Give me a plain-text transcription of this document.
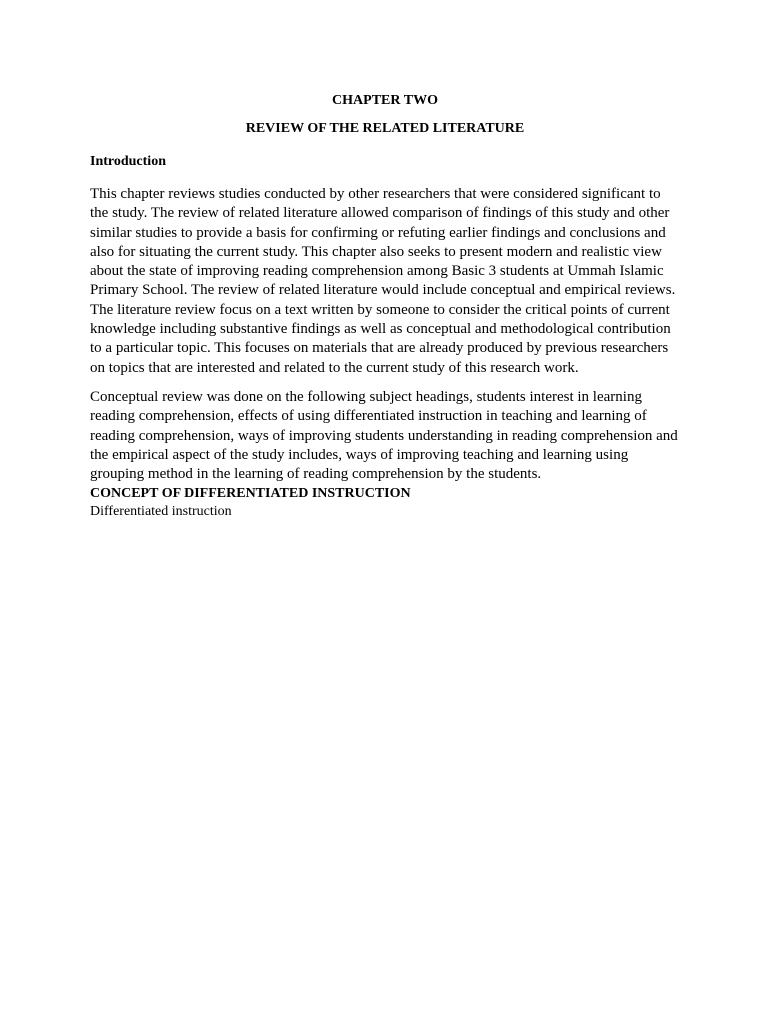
CHAPTER TWO
REVIEW OF THE RELATED LITERATURE
Introduction

This chapter reviews studies conducted by other researchers that were considered significant to the study. The review of related literature allowed comparison of findings of this study and other similar studies to provide a basis for confirming or refuting earlier findings and conclusions and also for situating the current study. This chapter also seeks to present modern and realistic view about the state of improving reading comprehension among Basic 3 students at Ummah Islamic Primary School. The review of related literature would include conceptual and empirical reviews. The literature review focus on a text written by someone to consider the critical points of current knowledge including substantive findings as well as conceptual and methodological contribution to a particular topic. This focuses on materials that are already produced by previous researchers on topics that are interested and related to the current study of this research work.

Conceptual review was done on the following subject headings, students interest in learning reading comprehension, effects of using differentiated instruction in teaching and learning of reading comprehension, ways of improving students understanding in reading comprehension and the empirical aspect of the study includes, ways of improving teaching and learning using grouping method in the learning of reading comprehension by the students.

CONCEPT OF DIFFERENTIATED INSTRUCTION

Differentiated instruction
